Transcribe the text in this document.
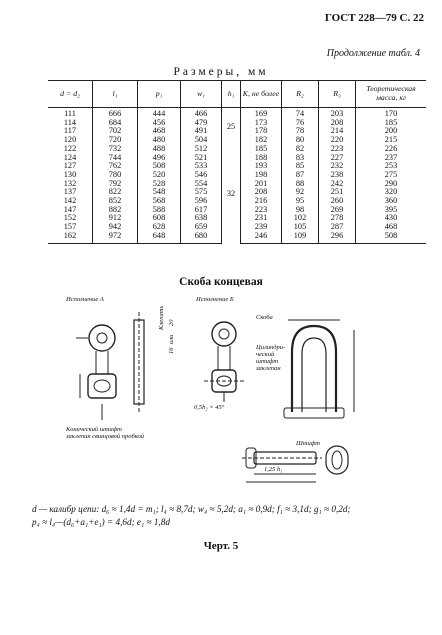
ГОСТ 228—79 С. 22
Продолжение табл. 4
Размеры, мм
d = d₂	l₁	p₁	w₁	h₁	K, не более	R₂	R₃	Теоретическая масса, кг
111	666	444	466	25	169	74	203	170
114	684	456	479		173	76	208	185
117	702	468	491		178	78	214	200
120	720	480	504		182	80	220	215
122	732	488	512	32	185	82	223	226
124	744	496	521		188	83	227	237
127	762	508	533		193	85	232	253
130	780	520	546		198	87	238	275
132	792	528	554		201	88	242	290
137	822	548	575		208	92	251	320
142	852	568	596		216	95	260	360
147	882	588	617		223	98	269	395
152	912	608	638		231	102	278	430
157	942	628	659		239	105	287	468
162	972	648	680		246	109	296	508
Скоба концевая
Исполнение А	Исполнение Б
Клепать 20
или
16
Скоба
Цилиндри-ческий штифт заклепан
Конический штифт заклепан свинцовой пробкой
0,5h₂ × 45°
Штифт
1,25 h₁
d — калибр цепи: d₆ ≈ 1,4d = m₁; l₄ ≈ 8,7d; w₄ ≈ 5,2d; a₁ ≈ 0,9d; f₁ ≈ 3,1d; g₁ ≈ 0,2d;
p₄ ≈ l₄—(d₆+a₁+e₁) = 4,6d; e₁ ≈ 1,8d
Черт. 5
